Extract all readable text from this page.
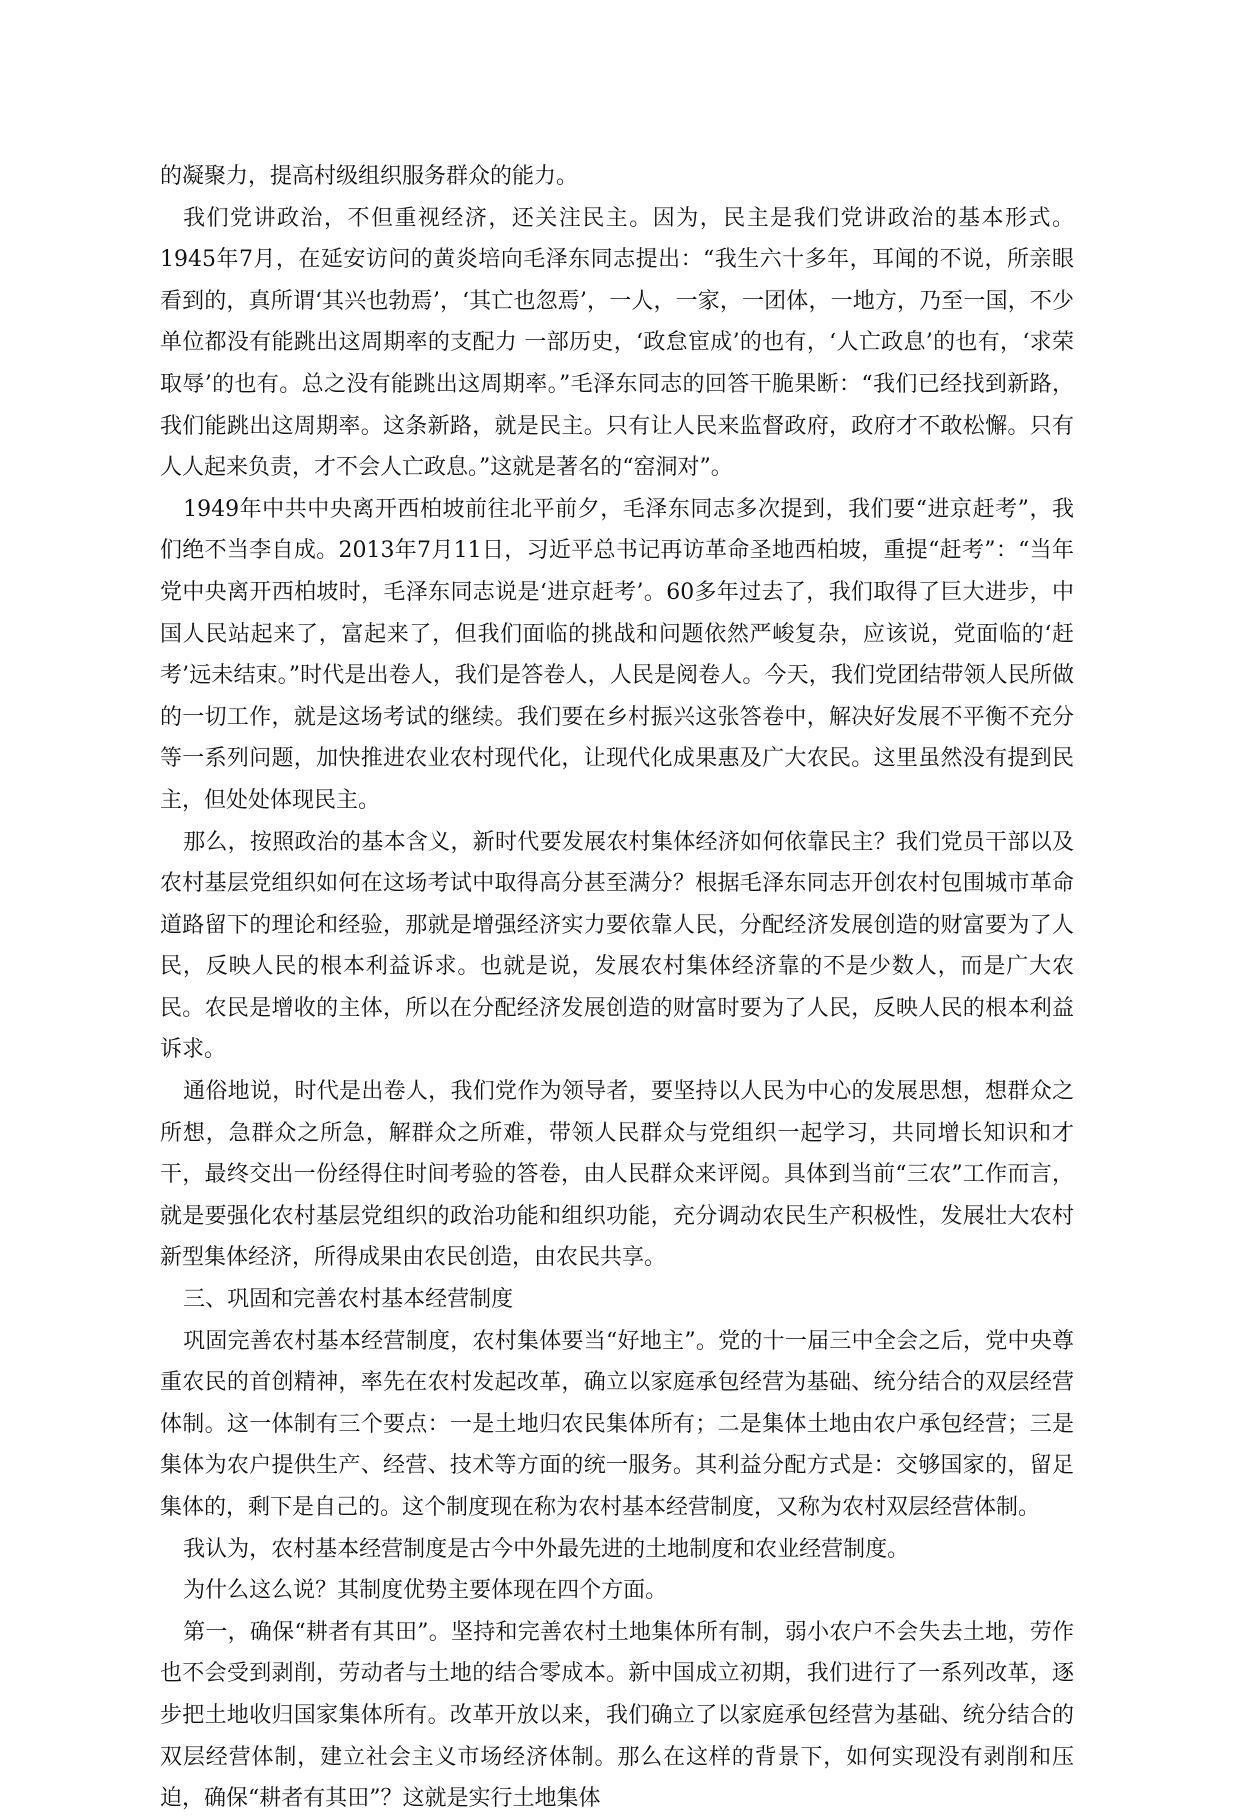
的凝聚力，提高村级组织服务群众的能力。

我们党讲政治，不但重视经济，还关注民主。因为，民主是我们党讲政治的基本形式。1945年7月，在延安访问的黄炎培向毛泽东同志提出：“我生六十多年，耳闻的不说，所亲眼看到的，真所谓‘其兴也勃焉’，‘其亡也忽焉’，一人，一家，一团体，一地方，乃至一国，不少单位都没有能跳出这周期率的支配力 一部历史，‘政怠宦成’的也有，‘人亡政息’的也有，‘求荣取辱’的也有。总之没有能跳出这周期率。”毛泽东同志的回答干脆果断：“我们已经找到新路，我们能跳出这周期率。这条新路，就是民主。只有让人民来监督政府，政府才不敢松懈。只有人人起来负责，才不会人亡政息。”这就是著名的“窑洞对”。

1949年中共中央离开西柏坡前往北平前夕，毛泽东同志多次提到，我们要“进京赶考”，我们绝不当李自成。2013年7月11日，习近平总书记再访革命圣地西柏坡，重提“赶考”：“当年党中央离开西柏坡时，毛泽东同志说是‘进京赶考’。60多年过去了，我们取得了巨大进步，中国人民站起来了，富起来了，但我们面临的挑战和问题依然严峻复杂，应该说，党面临的‘赶考’远未结束。”时代是出卷人，我们是答卷人，人民是阅卷人。今天，我们党团结带领人民所做的一切工作，就是这场考试的继续。我们要在乡村振兴这张答卷中，解决好发展不平衡不充分等一系列问题，加快推进农业农村现代化，让现代化成果惠及广大农民。这里虽然没有提到民主，但处处体现民主。

那么，按照政治的基本含义，新时代要发展农村集体经济如何依靠民主？我们党员干部以及农村基层党组织如何在这场考试中取得高分甚至满分？根据毛泽东同志开创农村包围城市革命道路留下的理论和经验，那就是增强经济实力要依靠人民，分配经济发展创造的财富要为了人民，反映人民的根本利益诉求。也就是说，发展农村集体经济靠的不是少数人，而是广大农民。农民是增收的主体，所以在分配经济发展创造的财富时要为了人民，反映人民的根本利益诉求。

通俗地说，时代是出卷人，我们党作为领导者，要坚持以人民为中心的发展思想，想群众之所想，急群众之所急，解群众之所难，带领人民群众与党组织一起学习，共同增长知识和才干，最终交出一份经得住时间考验的答卷，由人民群众来评阅。具体到当前“三农”工作而言，就是要强化农村基层党组织的政治功能和组织功能，充分调动农民生产积极性，发展壮大农村新型集体经济，所得成果由农民创造，由农民共享。

三、巩固和完善农村基本经营制度

巩固完善农村基本经营制度，农村集体要当“好地主”。党的十一届三中全会之后，党中央尊重农民的首创精神，率先在农村发起改革，确立以家庭承包经营为基础、统分结合的双层经营体制。这一体制有三个要点：一是土地归农民集体所有；二是集体土地由农户承包经营；三是集体为农户提供生产、经营、技术等方面的统一服务。其利益分配方式是：交够国家的，留足集体的，剩下是自己的。这个制度现在称为农村基本经营制度，又称为农村双层经营体制。

我认为，农村基本经营制度是古今中外最先进的土地制度和农业经营制度。

为什么这么说？其制度优势主要体现在四个方面。

第一，确保“耕者有其田”。坚持和完善农村土地集体所有制，弱小农户不会失去土地，劳作也不会受到剥削，劳动者与土地的结合零成本。新中国成立初期，我们进行了一系列改革，逐步把土地收归国家集体所有。改革开放以来，我们确立了以家庭承包经营为基础、统分结合的双层经营体制，建立社会主义市场经济体制。那么在这样的背景下，如何实现没有剥削和压迫，确保“耕者有其田”？这就是实行土地集体
